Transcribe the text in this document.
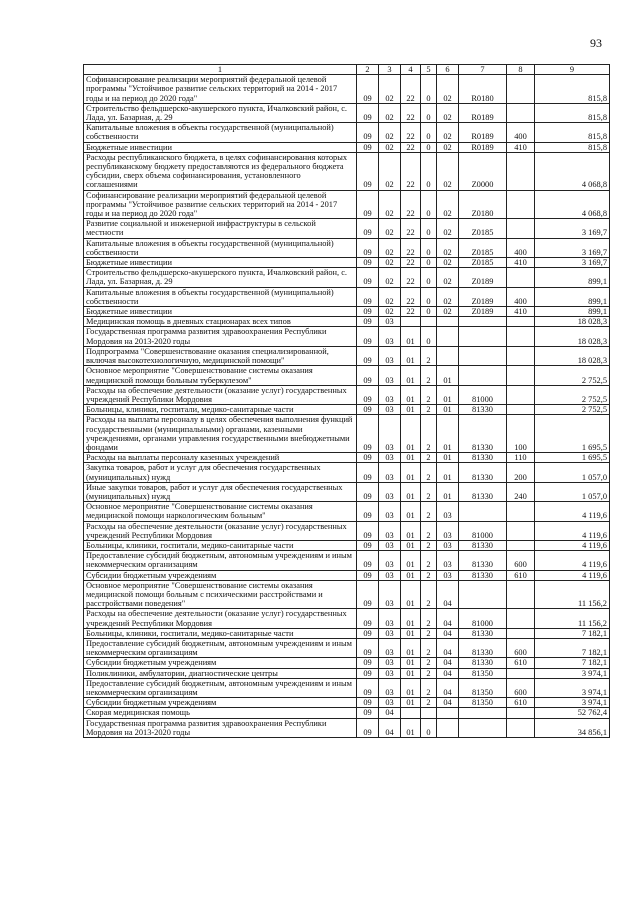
93
1	2	3	4	5	6	7	8	9
Софинансирование реализации мероприятий федеральной целевой программы "Устойчивое развитие сельских территорий на 2014 - 2017 годы и на период до 2020 года"	09	02	22	0	02	R0180		815,8
Строительство фельдшерско-акушерского пункта, Ичалковский район, с. Лада, ул. Базарная, д. 29	09	02	22	0	02	R0189		815,8
Капитальные вложения в объекты государственной (муниципальной) собственности	09	02	22	0	02	R0189	400	815,8
Бюджетные инвестиции	09	02	22	0	02	R0189	410	815,8
Расходы республиканского бюджета, в целях софинансирования которых республиканскому бюджету предоставляются из федерального бюджета субсидии, сверх объема софинансирования, установленного соглашениями	09	02	22	0	02	Z0000		4 068,8
Софинансирование реализации мероприятий федеральной целевой программы "Устойчивое развитие сельских территорий на 2014 - 2017 годы и на период до 2020 года"	09	02	22	0	02	Z0180		4 068,8
Развитие социальной и инженерной инфраструктуры в сельской местности	09	02	22	0	02	Z0185		3 169,7
Капитальные вложения в объекты государственной (муниципальной) собственности	09	02	22	0	02	Z0185	400	3 169,7
Бюджетные инвестиции	09	02	22	0	02	Z0185	410	3 169,7
Строительство фельдшерско-акушерского пункта, Ичалковский район, с. Лада, ул. Базарная, д. 29	09	02	22	0	02	Z0189		899,1
Капитальные вложения в объекты государственной (муниципальной) собственности	09	02	22	0	02	Z0189	400	899,1
Бюджетные инвестиции	09	02	22	0	02	Z0189	410	899,1
Медицинская помощь в дневных стационарах всех типов	09	03						18 028,3
Государственная программа развития здравоохранения Республики Мордовия на 2013-2020 годы	09	03	01	0				18 028,3
Подпрограмма "Совершенствование оказания специализированной, включая высокотехнологичную, медицинской помощи"	09	03	01	2				18 028,3
Основное мероприятие "Совершенствование системы оказания медицинской помощи больным туберкулезом"	09	03	01	2	01			2 752,5
Расходы на обеспечение деятельности (оказание услуг) государственных учреждений Республики Мордовия	09	03	01	2	01	81000		2 752,5
Больницы, клиники, госпитали, медико-санитарные части	09	03	01	2	01	81330		2 752,5
Расходы на выплаты персоналу в целях обеспечения выполнения функций государственными (муниципальными) органами, казенными учреждениями, органами управления государственными внебюджетными фондами	09	03	01	2	01	81330	100	1 695,5
Расходы на выплаты персоналу казенных учреждений	09	03	01	2	01	81330	110	1 695,5
Закупка товаров, работ и услуг для обеспечения государственных (муниципальных) нужд	09	03	01	2	01	81330	200	1 057,0
Иные закупки товаров, работ и услуг для обеспечения государственных (муниципальных) нужд	09	03	01	2	01	81330	240	1 057,0
Основное мероприятие "Совершенствование системы оказания медицинской помощи наркологическим больным"	09	03	01	2	03			4 119,6
Расходы на обеспечение деятельности (оказание услуг) государственных учреждений Республики Мордовия	09	03	01	2	03	81000		4 119,6
Больницы, клиники, госпитали, медико-санитарные части	09	03	01	2	03	81330		4 119,6
Предоставление субсидий бюджетным, автономным учреждениям и иным некоммерческим организациям	09	03	01	2	03	81330	600	4 119,6
Субсидии бюджетным учреждениям	09	03	01	2	03	81330	610	4 119,6
Основное мероприятие "Совершенствование системы оказания медицинской помощи больным с психическими расстройствами и расстройствами поведения"	09	03	01	2	04			11 156,2
Расходы на обеспечение деятельности (оказание услуг) государственных учреждений Республики Мордовия	09	03	01	2	04	81000		11 156,2
Больницы, клиники, госпитали, медико-санитарные части	09	03	01	2	04	81330		7 182,1
Предоставление субсидий бюджетным, автономным учреждениям и иным некоммерческим организациям	09	03	01	2	04	81330	600	7 182,1
Субсидии бюджетным учреждениям	09	03	01	2	04	81330	610	7 182,1
Поликлиники, амбулатории, диагностические центры	09	03	01	2	04	81350		3 974,1
Предоставление субсидий бюджетным, автономным учреждениям и иным некоммерческим организациям	09	03	01	2	04	81350	600	3 974,1
Субсидии бюджетным учреждениям	09	03	01	2	04	81350	610	3 974,1
Скорая медицинская помощь	09	04						52 762,4
Государственная программа развития здравоохранения Республики Мордовия на 2013-2020 годы	09	04	01	0				34 856,1
